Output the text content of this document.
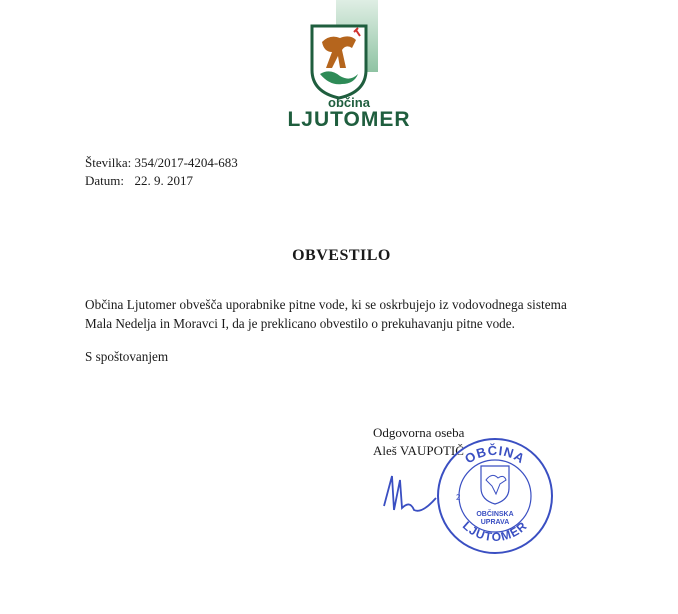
občina
LJUTOMER
Številka: 354/2017-4204-683
Datum: 22. 9. 2017
OBVESTILO
Občina Ljutomer obvešča uporabnike pitne vode, ki se oskrbujejo iz vodovodnega sistema
Mala Nedelja in Moravci I, da je preklicano obvestilo o prekuhavanju pitne vode.
S spoštovanjem
Odgovorna oseba
Aleš VAUPOTIČ
OBČINA
LJUTOMER
OBČINSKA
UPRAVA
2
